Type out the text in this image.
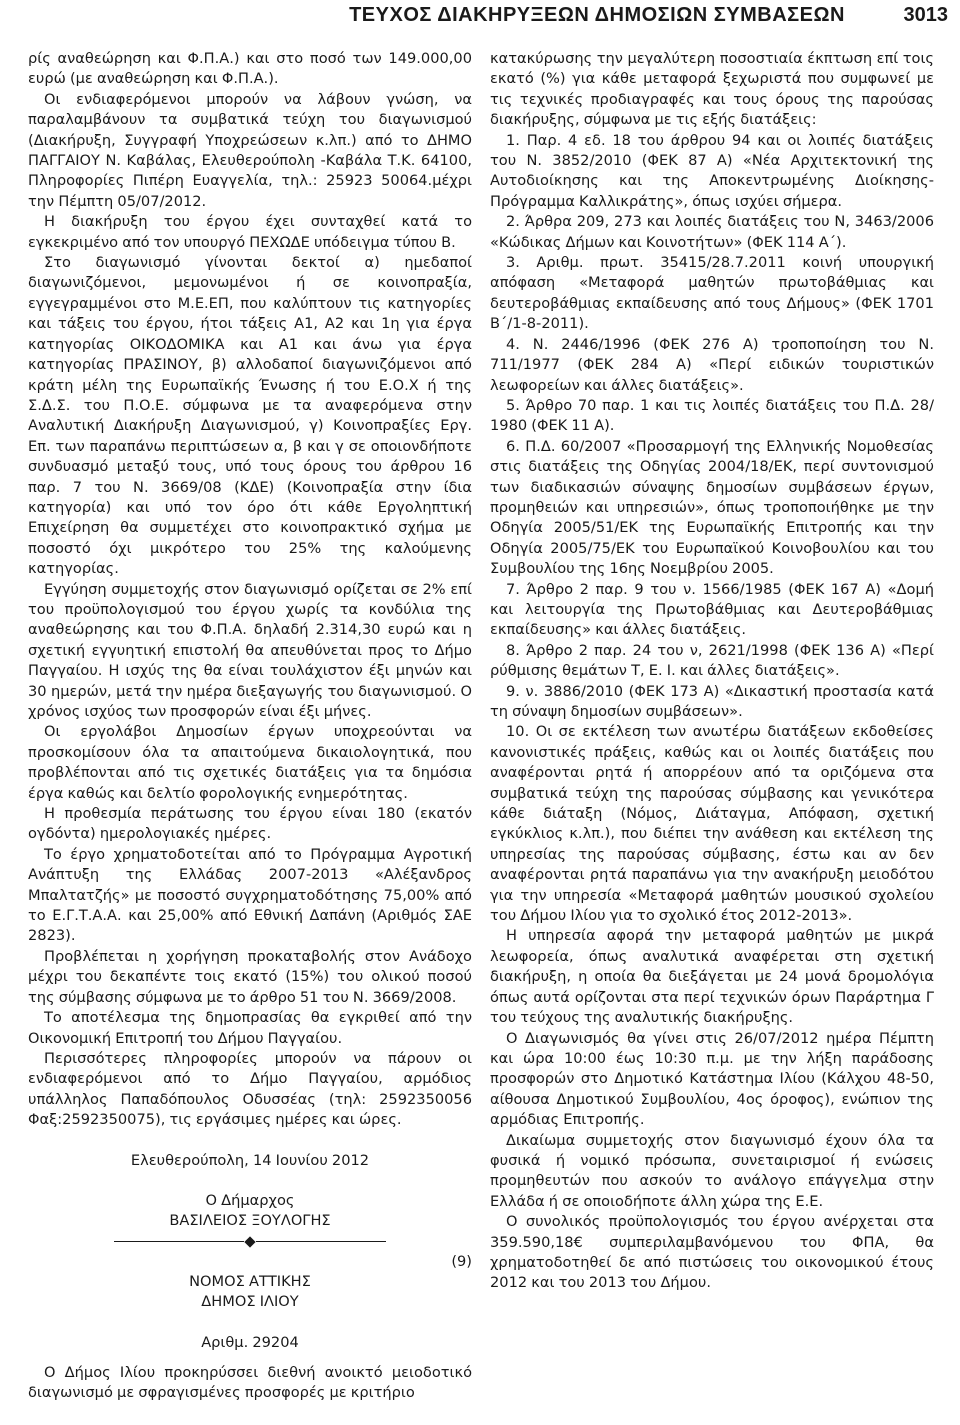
ΤΕΥΧΟΣ ΔΙΑΚΗΡΥΞΕΩΝ ΔΗΜΟΣΙΩΝ ΣΥΜΒΑΣΕΩΝ	3013

ρίς αναθεώρηση και Φ.Π.Α.) και στο ποσό των 149.000,00 ευρώ (με αναθεώρηση και Φ.Π.Α.).

Οι ενδιαφερόμενοι μπορούν να λάβουν γνώση, να παραλαμβάνουν τα συμβατικά τεύχη του διαγωνισμού (Διακήρυξη, Συγγραφή Υποχρεώσεων κ.λπ.) από το ΔΗΜΟ ΠΑΓΓΑΙΟΥ Ν. Καβάλας, Ελευθερούπολη -Καβάλα Τ.Κ. 64100, Πληροφορίες Πιπέρη Ευαγγελία, τηλ.: 25923 50064.μέχρι την Πέμπτη 05/07/2012.

Η διακήρυξη του έργου έχει συνταχθεί κατά το εγκεκριμένο από τον υπουργό ΠΕΧΩΔΕ υπόδειγμα τύπου Β.

Στο διαγωνισμό γίνονται δεκτοί α) ημεδαποί διαγωνιζόμενοι, μεμονωμένοι ή σε κοινοπραξία, εγγεγραμμένοι στο Μ.Ε.ΕΠ, που καλύπτουν τις κατηγορίες και τάξεις του έργου, ήτοι τάξεις Α1, Α2 και 1η για έργα κατηγορίας ΟΙΚΟΔΟΜΙΚΑ και Α1 και άνω για έργα κατηγορίας ΠΡΑΣΙΝΟΥ, β) αλλοδαποί διαγωνιζόμενοι από κράτη μέλη της Ευρωπαϊκής Ένωσης ή του Ε.Ο.Χ ή της Σ.Δ.Σ. του Π.Ο.Ε. σύμφωνα με τα αναφερόμενα στην Αναλυτική Διακήρυξη Διαγωνισμού, γ) Κοινοπραξίες Εργ. Επ. των παραπάνω περιπτώσεων α, β και γ σε οποιονδήποτε συνδυασμό μεταξύ τους, υπό τους όρους του άρθρου 16 παρ. 7 του Ν. 3669/08 (ΚΔΕ) (Κοινοπραξία στην ίδια κατηγορία) και υπό τον όρο ότι κάθε Εργοληπτική Επιχείρηση θα συμμετέχει στο κοινοπρακτικό σχήμα με ποσοστό όχι μικρότερο του 25% της καλούμενης κατηγορίας.

Εγγύηση συμμετοχής στον διαγωνισμό ορίζεται σε 2% επί του προϋπολογισμού του έργου χωρίς τα κονδύλια της αναθεώρησης και του Φ.Π.Α. δηλαδή 2.314,30 ευρώ και η σχετική εγγυητική επιστολή θα απευθύνεται προς το Δήμο Παγγαίου. Η ισχύς της θα είναι τουλάχιστον έξι μηνών και 30 ημερών, μετά την ημέρα διεξαγωγής του διαγωνισμού. Ο χρόνος ισχύος των προσφορών είναι έξι μήνες.

Οι εργολάβοι Δημοσίων έργων υποχρεούνται να προσκομίσουν όλα τα απαιτούμενα δικαιολογητικά, που προβλέπονται από τις σχετικές διατάξεις για τα δημόσια έργα καθώς και δελτίο φορολογικής ενημερότητας.

Η προθεσμία περάτωσης του έργου είναι 180 (εκατόν ογδόντα) ημερολογιακές ημέρες.

Το έργο χρηματοδοτείται από το Πρόγραμμα Αγροτική Ανάπτυξη της Ελλάδας 2007-2013 «Αλέξανδρος Μπαλτατζής» με ποσοστό συγχρηματοδότησης 75,00% από το Ε.Γ.Τ.Α.Α. και 25,00% από Εθνική Δαπάνη (Αριθμός ΣΑΕ 2823).

Προβλέπεται η χορήγηση προκαταβολής στον Ανάδοχο μέχρι του δεκαπέντε τοις εκατό (15%) του ολικού ποσού της σύμβασης σύμφωνα με το άρθρο 51 του Ν. 3669/2008.

Το αποτέλεσμα της δημοπρασίας θα εγκριθεί από την Οικονομική Επιτροπή του Δήμου Παγγαίου.

Περισσότερες πληροφορίες μπορούν να πάρουν οι ενδιαφερόμενοι από το Δήμο Παγγαίου, αρμόδιος υπάλληλος Παπαδόπουλος Οδυσσέας (τηλ: 2592350056 Φαξ:2592350075), τις εργάσιμες ημέρες και ώρες.

Ελευθερούπολη, 14 Ιουνίου 2012

Ο Δήμαρχος

ΒΑΣΙΛΕΙΟΣ ΞΟΥΛΟΓΗΣ

(9)

ΝΟΜΟΣ ΑΤΤΙΚΗΣ

ΔΗΜΟΣ ΙΛΙΟΥ

Αριθμ. 29204

Ο Δήμος Ιλίου προκηρύσσει διεθνή ανοικτό μειοδοτικό διαγωνισμό με σφραγισμένες προσφορές με κριτήριο

κατακύρωσης την μεγαλύτερη ποσοστιαία έκπτωση επί τοις εκατό (%) για κάθε μεταφορά ξεχωριστά που συμφωνεί με τις τεχνικές προδιαγραφές και τους όρους της παρούσας διακήρυξης, σύμφωνα με τις εξής διατάξεις:

1. Παρ. 4 εδ. 18 του άρθρου 94 και οι λοιπές διατάξεις του Ν. 3852/2010 (ΦΕΚ 87 Α) «Νέα Αρχιτεκτονική της Αυτοδιοίκησης και της Αποκεντρωμένης Διοίκησης-Πρόγραμμα Καλλικράτης», όπως ισχύει σήμερα.

2. Άρθρα 209, 273 και λοιπές διατάξεις του Ν, 3463/2006 «Κώδικας Δήμων και Κοινοτήτων» (ΦΕΚ 114 Α΄).

3. Αριθμ. πρωτ. 35415/28.7.2011 κοινή υπουργική απόφαση «Μεταφορά μαθητών πρωτοβάθμιας και δευτεροβάθμιας εκπαίδευσης από τους Δήμους» (ΦΕΚ 1701 Β΄/1-8-2011).

4. Ν. 2446/1996 (ΦΕΚ 276 Α) τροποποίηση του Ν. 711/1977 (ΦΕΚ 284 Α) «Περί ειδικών τουριστικών λεωφορείων και άλλες διατάξεις».

5. Άρθρο 70 παρ. 1 και τις λοιπές διατάξεις του Π.Δ. 28/ 1980 (ΦΕΚ 11 Α).

6. Π.Δ. 60/2007 «Προσαρμογή της Ελληνικής Νομοθεσίας στις διατάξεις της Οδηγίας 2004/18/ΕΚ, περί συντονισμού των διαδικασιών σύναψης δημοσίων συμβάσεων έργων, προμηθειών και υπηρεσιών», όπως τροποποιήθηκε με την Οδηγία 2005/51/ΕΚ της Ευρωπαϊκής Επιτροπής και την Οδηγία 2005/75/ΕΚ του Ευρωπαϊκού Κοινοβουλίου και του Συμβουλίου της 16ης Νοεμβρίου 2005.

7. Άρθρο 2 παρ. 9 του ν. 1566/1985 (ΦΕΚ 167 Α) «Δομή και λειτουργία της Πρωτοβάθμιας και Δευτεροβάθμιας εκπαίδευσης» και άλλες διατάξεις.

8. Άρθρο 2 παρ. 24 του ν, 2621/1998 (ΦΕΚ 136 Α) «Περί ρύθμισης θεμάτων Τ, Ε. Ι. και άλλες διατάξεις».

9. ν. 3886/2010 (ΦΕΚ 173 Α) «Δικαστική προστασία κατά τη σύναψη δημοσίων συμβάσεων».

10. Οι σε εκτέλεση των ανωτέρω διατάξεων εκδοθείσες κανονιστικές πράξεις, καθώς και οι λοιπές διατάξεις που αναφέρονται ρητά ή απορρέουν από τα οριζόμενα στα συμβατικά τεύχη της παρούσας σύμβασης και γενικότερα κάθε διάταξη (Νόμος, Διάταγμα, Απόφαση, σχετική εγκύκλιος κ.λπ.), που διέπει την ανάθεση και εκτέλεση της υπηρεσίας της παρούσας σύμβασης, έστω και αν δεν αναφέρονται ρητά παραπάνω για την ανακήρυξη μειοδότου για την υπηρεσία «Μεταφορά μαθητών μουσικού σχολείου του Δήμου Ιλίου για το σχολικό έτος 2012-2013».

Η υπηρεσία αφορά την μεταφορά μαθητών με μικρά λεωφορεία, όπως αναλυτικά αναφέρεται στη σχετική διακήρυξη, η οποία θα διεξάγεται με 24 μονά δρομολόγια όπως αυτά ορίζονται στα περί τεχνικών όρων Παράρτημα Γ του τεύχους της αναλυτικής διακήρυξης.

Ο Διαγωνισμός θα γίνει στις 26/07/2012 ημέρα Πέμπτη και ώρα 10:00 έως 10:30 π.μ. με την λήξη παράδοσης προσφορών στο Δημοτικό Κατάστημα Ιλίου (Κάλχου 48-50, αίθουσα Δημοτικού Συμβουλίου, 4ος όροφος), ενώπιον της αρμόδιας Επιτροπής.

Δικαίωμα συμμετοχής στον διαγωνισμό έχουν όλα τα φυσικά ή νομικό πρόσωπα, συνεταιρισμοί ή ενώσεις προμηθευτών που ασκούν το ανάλογο επάγγελμα στην Ελλάδα ή σε οποιοδήποτε άλλη χώρα της Ε.Ε.

Ο συνολικός προϋπολογισμός του έργου ανέρχεται στα 359.590,18€ συμπεριλαμβανόμενου του ΦΠΑ, θα χρηματοδοτηθεί δε από πιστώσεις του οικονομικού έτους 2012 και του 2013 του Δήμου.
